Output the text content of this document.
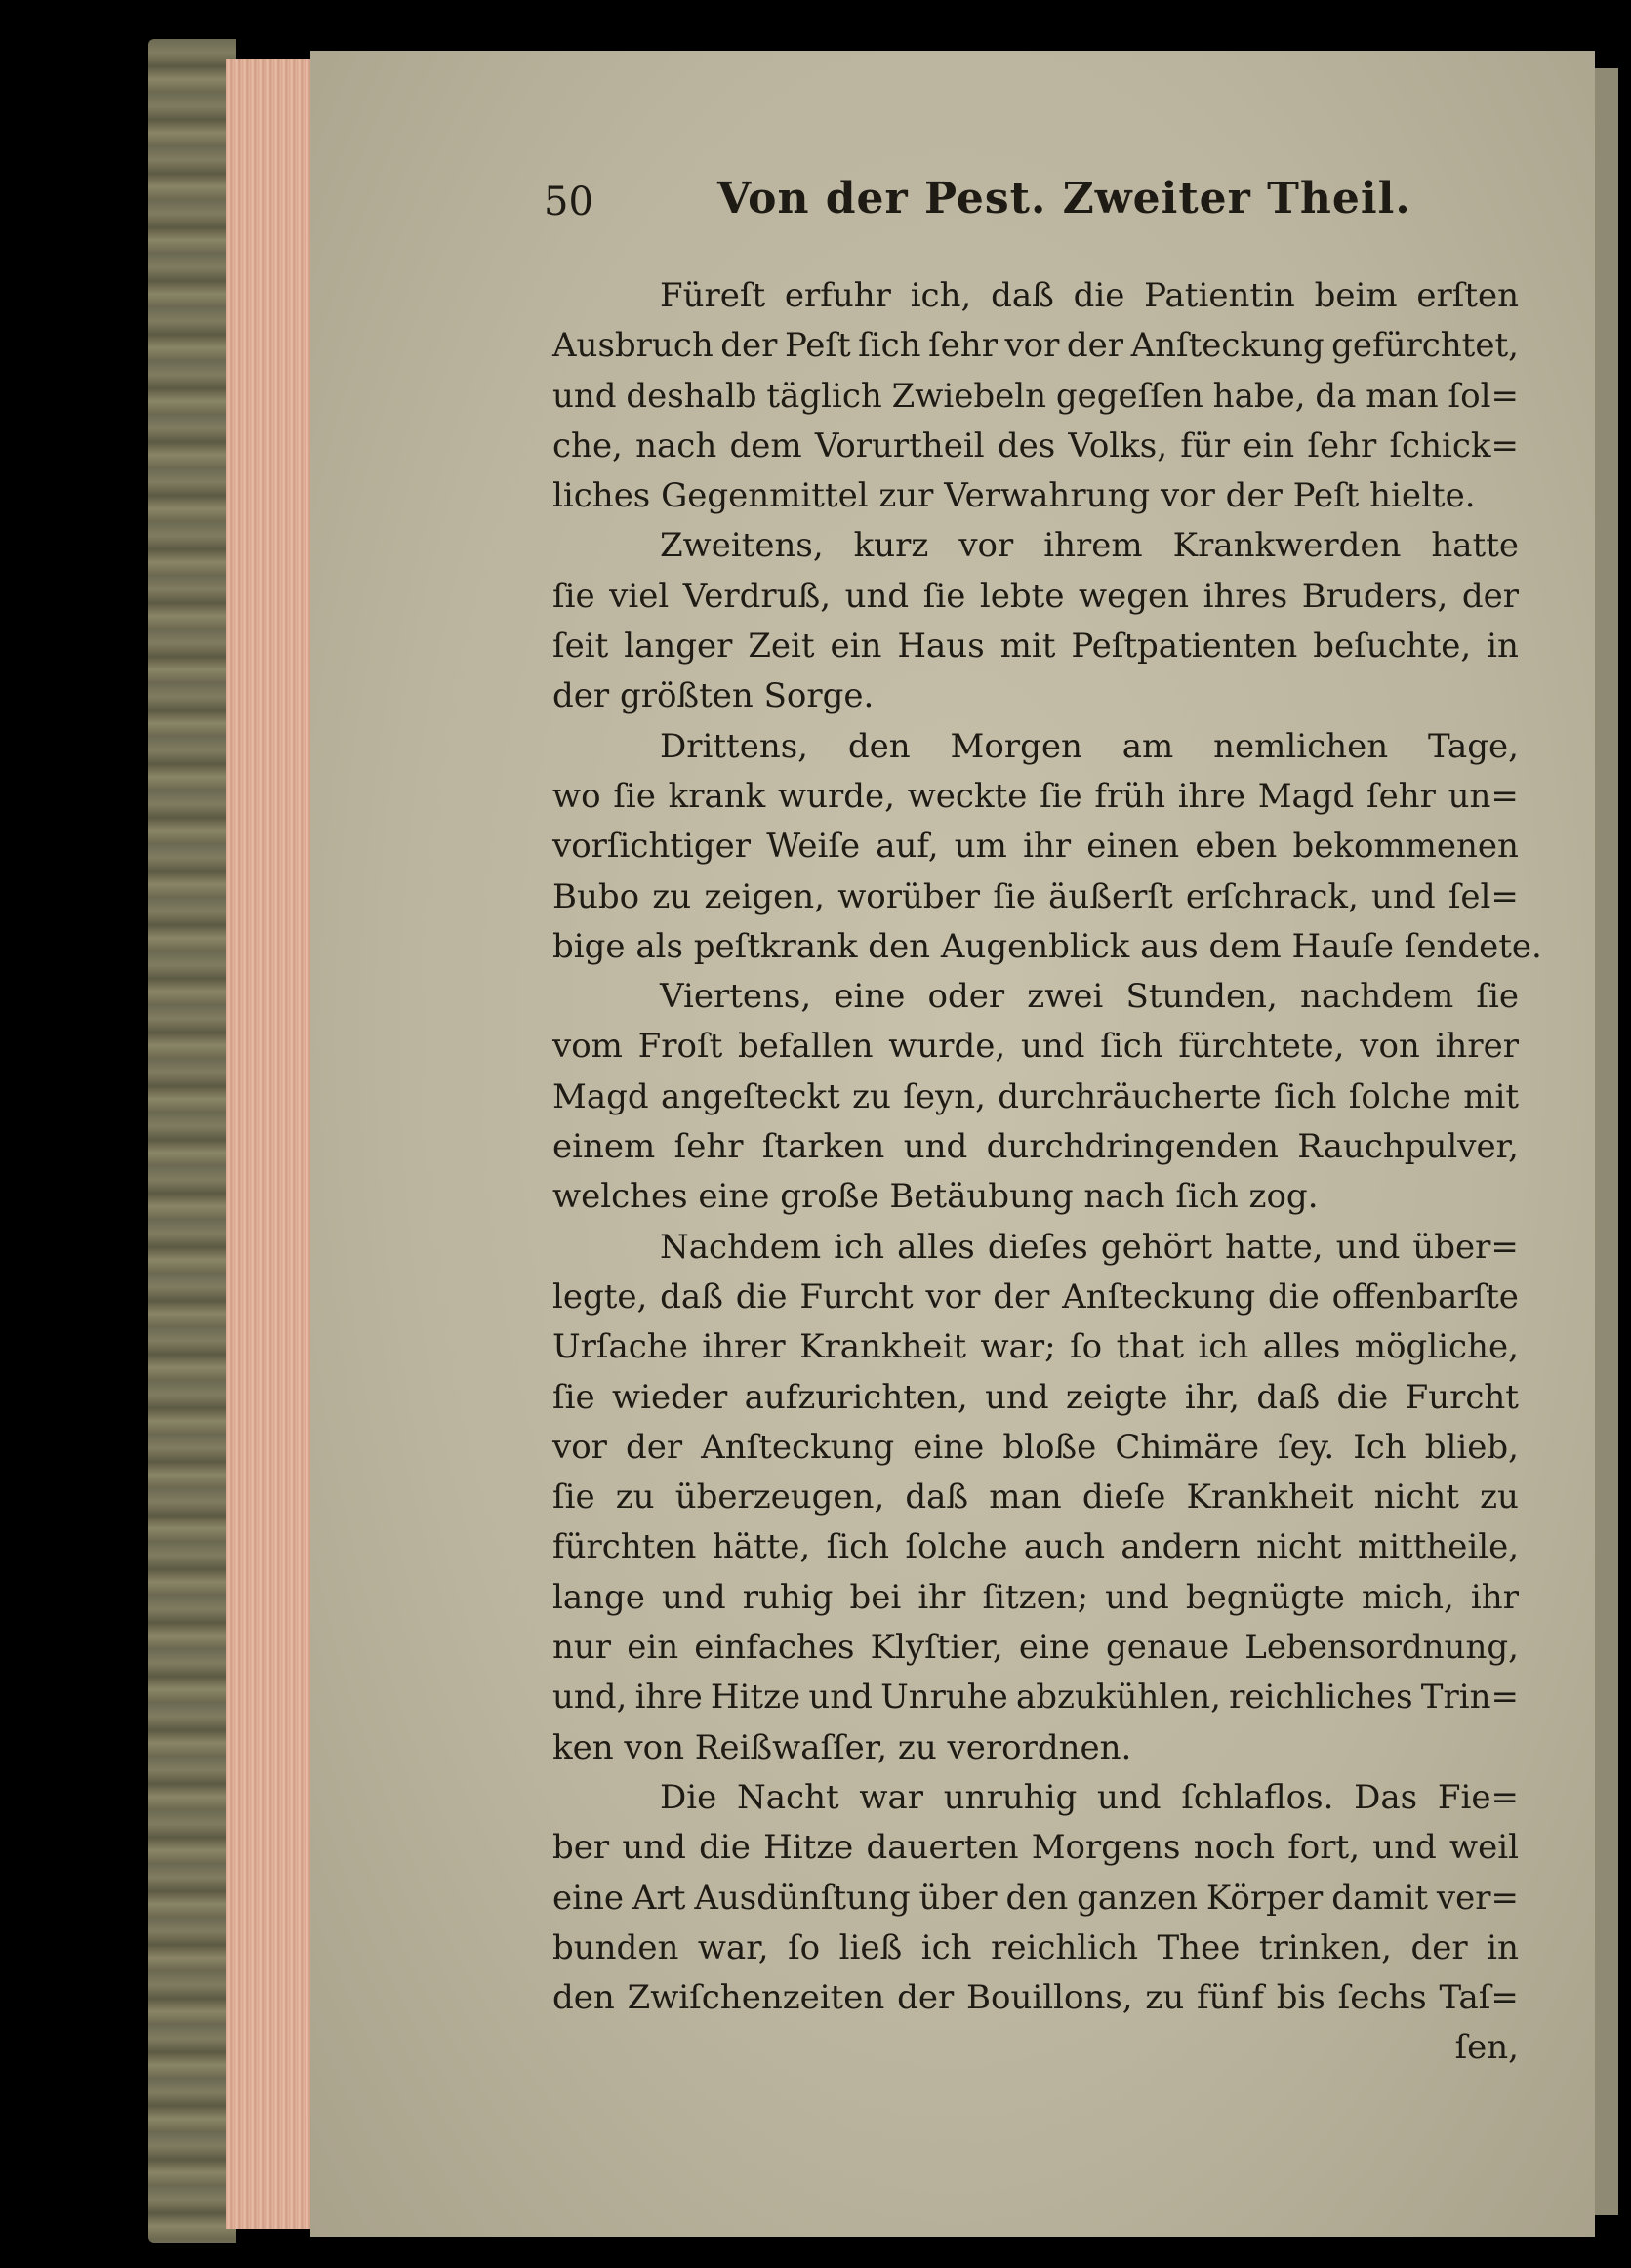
50	Von der Pest. Zweiter Theil.
Füreſt erfuhr ich, daß die Patientin beim erſten
Ausbruch der Peſt ſich ſehr vor der Anſteckung gefürchtet,
und deshalb täglich Zwiebeln gegeſſen habe, da man ſol=
che, nach dem Vorurtheil des Volks, für ein ſehr ſchick=
liches Gegenmittel zur Verwahrung vor der Peſt hielte.
Zweitens, kurz vor ihrem Krankwerden hatte
ſie viel Verdruß, und ſie lebte wegen ihres Bruders, der
ſeit langer Zeit ein Haus mit Peſtpatienten beſuchte, in
der größten Sorge.
Drittens, den Morgen am nemlichen Tage,
wo ſie krank wurde, weckte ſie früh ihre Magd ſehr un=
vorſichtiger Weiſe auf, um ihr einen eben bekommenen
Bubo zu zeigen, worüber ſie äußerſt erſchrack, und ſel=
bige als peſtkrank den Augenblick aus dem Hauſe ſendete.
Viertens, eine oder zwei Stunden, nachdem ſie
vom Froſt befallen wurde, und ſich fürchtete, von ihrer
Magd angeſteckt zu ſeyn, durchräucherte ſich ſolche mit
einem ſehr ſtarken und durchdringenden Rauchpulver,
welches eine große Betäubung nach ſich zog.
Nachdem ich alles dieſes gehört hatte, und über=
legte, daß die Furcht vor der Anſteckung die offenbarſte
Urſache ihrer Krankheit war; ſo that ich alles mögliche,
ſie wieder aufzurichten, und zeigte ihr, daß die Furcht
vor der Anſteckung eine bloße Chimäre ſey. Ich blieb,
ſie zu überzeugen, daß man dieſe Krankheit nicht zu
fürchten hätte, ſich ſolche auch andern nicht mittheile,
lange und ruhig bei ihr ſitzen; und begnügte mich, ihr
nur ein einfaches Klyſtier, eine genaue Lebensordnung,
und, ihre Hitze und Unruhe abzukühlen, reichliches Trin=
ken von Reißwaſſer, zu verordnen.
Die Nacht war unruhig und ſchlaflos. Das Fie=
ber und die Hitze dauerten Morgens noch fort, und weil
eine Art Ausdünſtung über den ganzen Körper damit ver=
bunden war, ſo ließ ich reichlich Thee trinken, der in
den Zwiſchenzeiten der Bouillons, zu fünf bis ſechs Taſ=
ſen,
